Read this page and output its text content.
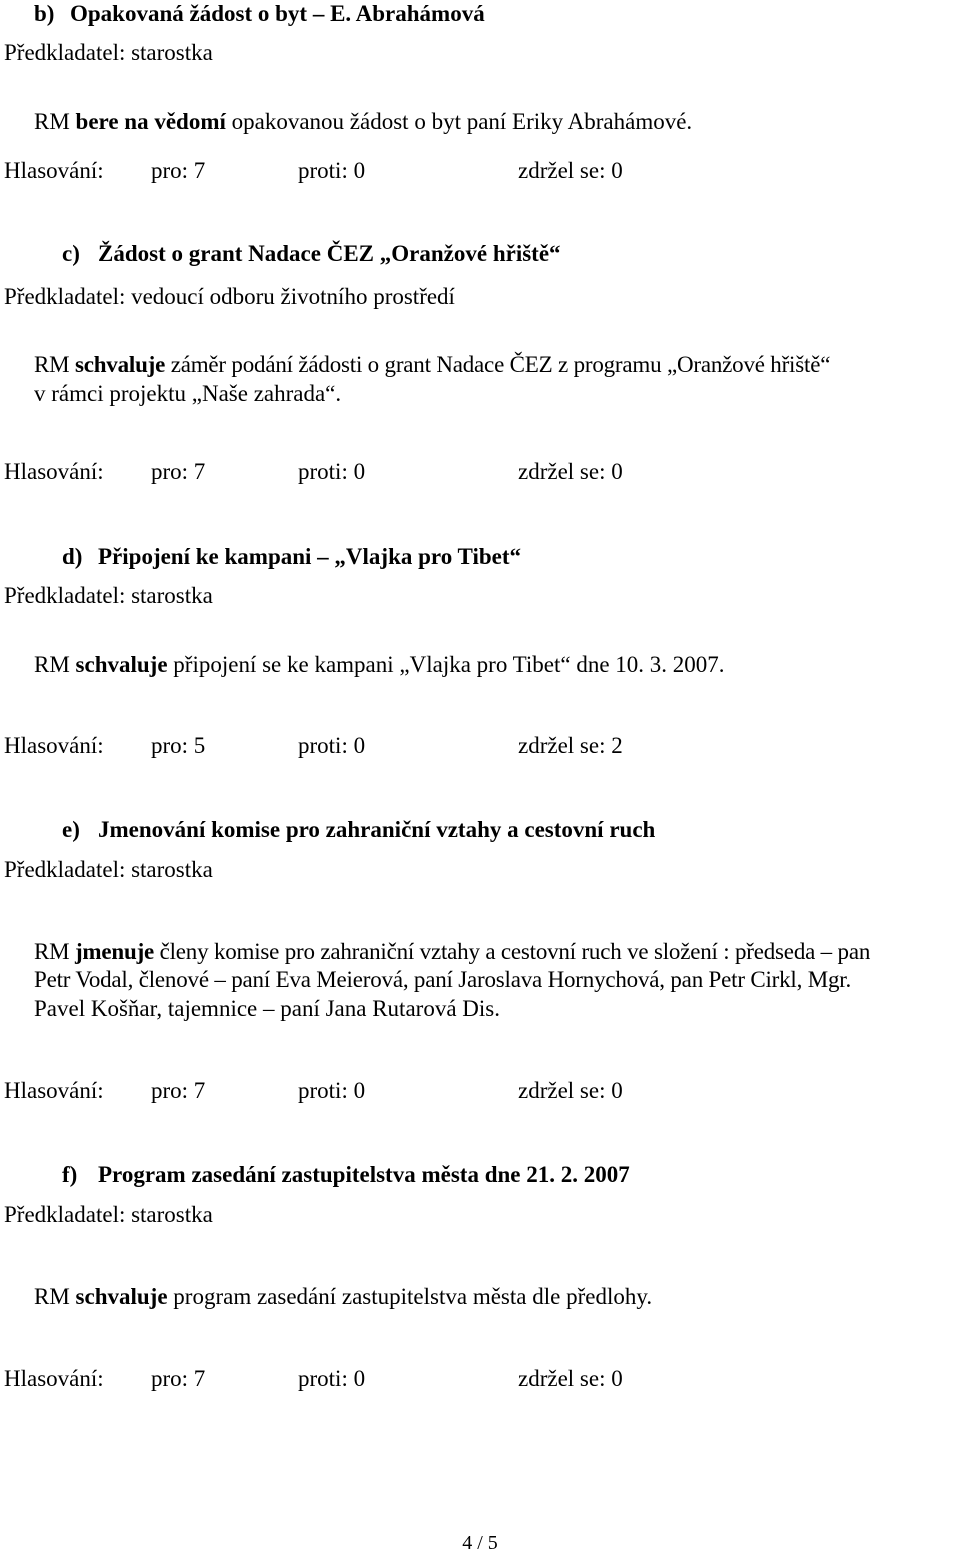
b) Opakovaná žádost o byt – E. Abrahámová
Předkladatel: starostka
RM bere na vědomí opakovanou žádost o byt paní Eriky Abrahámové.
Hlasování: pro: 7	proti: 0	zdržel se: 0
c) Žádost o grant Nadace ČEZ „Oranžové hřiště“
Předkladatel: vedoucí odboru životního prostředí
RM schvaluje záměr podání žádosti o grant Nadace ČEZ z programu „Oranžové hřiště“
v rámci projektu „Naše zahrada“.
Hlasování: pro: 7	proti: 0	zdržel se: 0
d) Připojení ke kampani – „Vlajka pro Tibet“
Předkladatel: starostka
RM schvaluje připojení se ke kampani „Vlajka pro Tibet“ dne 10. 3. 2007.
Hlasování: pro: 5	proti: 0	zdržel se: 2
e) Jmenování komise pro zahraniční vztahy a cestovní ruch
Předkladatel: starostka
RM jmenuje členy komise pro zahraniční vztahy a cestovní ruch ve složení : předseda – pan
Petr Vodal, členové – paní Eva Meierová, paní Jaroslava Hornychová, pan Petr Cirkl, Mgr.
Pavel Košňar, tajemnice – paní Jana Rutarová Dis.
Hlasování: pro: 7	proti: 0	zdržel se: 0
f) Program zasedání zastupitelstva města dne 21. 2. 2007
Předkladatel: starostka
RM schvaluje program zasedání zastupitelstva města dle předlohy.
Hlasování: pro: 7	proti: 0	zdržel se: 0
4 / 5
